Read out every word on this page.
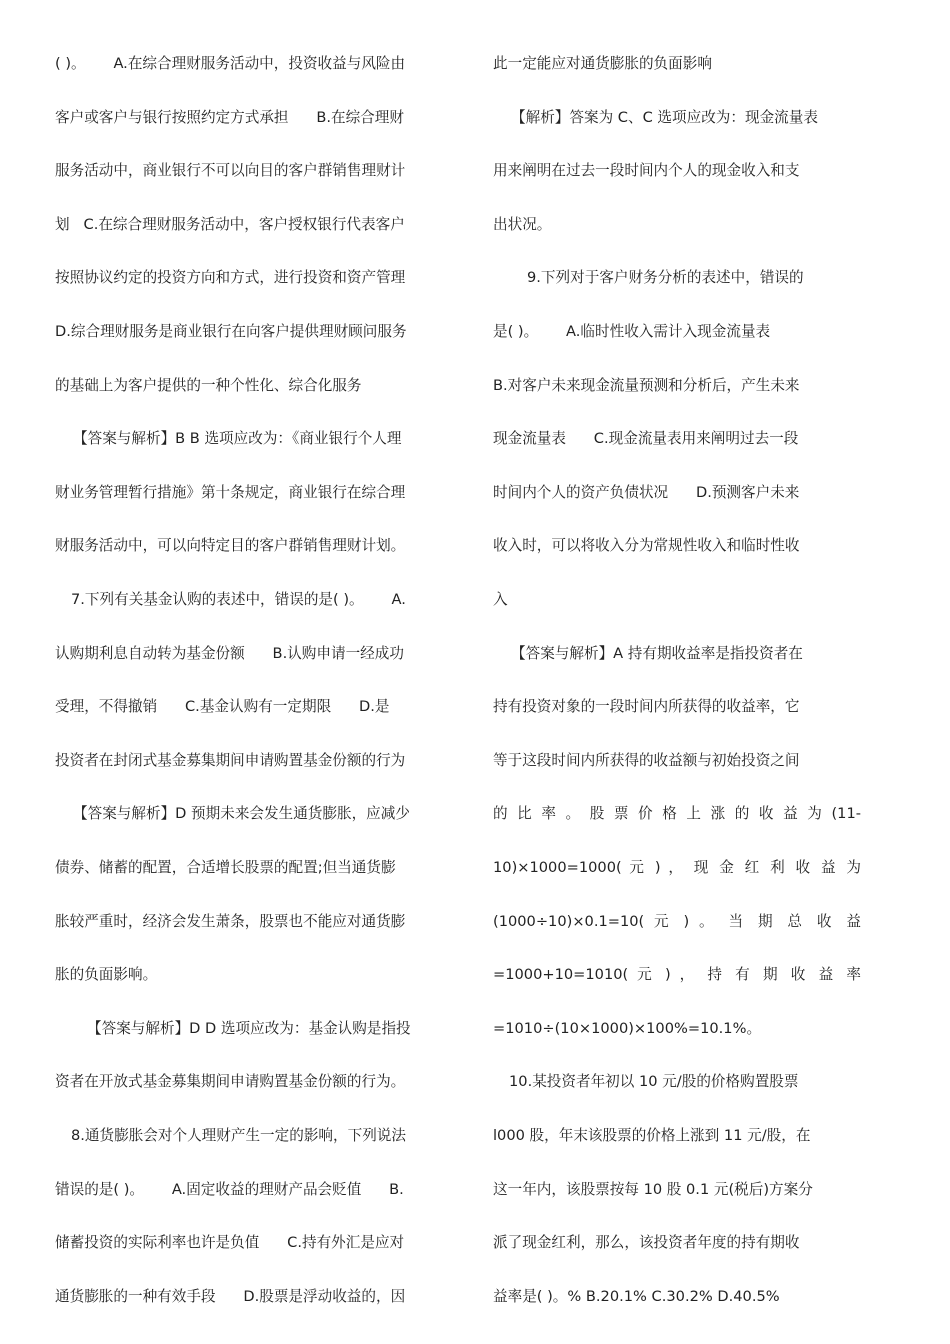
( )。      A.在综合理财服务活动中，投资收益与风险由
客户或客户与银行按照约定方式承担      B.在综合理财
服务活动中，商业银行不可以向目的客户群销售理财计
划   C.在综合理财服务活动中，客户授权银行代表客户
按照协议约定的投资方向和方式，进行投资和资产管理
D.综合理财服务是商业银行在向客户提供理财顾问服务
的基础上为客户提供的一种个性化、综合化服务
【答案与解析】B B 选项应改为：《商业银行个人理
财业务管理暂行措施》第十条规定，商业银行在综合理
财服务活动中，可以向特定目的客户群销售理财计划。
7.下列有关基金认购的表述中，错误的是( )。      A.
认购期利息自动转为基金份额      B.认购申请一经成功
受理，不得撤销      C.基金认购有一定期限      D.是
投资者在封闭式基金募集期间申请购置基金份额的行为
【答案与解析】D 预期未来会发生通货膨胀，应减少
债券、储蓄的配置，合适增长股票的配置;但当通货膨
胀较严重时，经济会发生萧条，股票也不能应对通货膨
胀的负面影响。
【答案与解析】D D 选项应改为：基金认购是指投
资者在开放式基金募集期间申请购置基金份额的行为。
8.通货膨胀会对个人理财产生一定的影响，下列说法
错误的是( )。      A.固定收益的理财产品会贬值      B.
储蓄投资的实际利率也许是负值      C.持有外汇是应对
通货膨胀的一种有效手段      D.股票是浮动收益的，因
此一定能应对通货膨胀的负面影响
【解析】答案为 C、C 选项应改为：现金流量表
用来阐明在过去一段时间内个人的现金收入和支
出状况。
9.下列对于客户财务分析的表述中，错误的
是( )。      A.临时性收入需计入现金流量表
B.对客户未来现金流量预测和分析后，产生未来
现金流量表      C.现金流量表用来阐明过去一段
时间内个人的资产负债状况      D.预测客户未来
收入时，可以将收入分为常规性收入和临时性收
入
【答案与解析】A 持有期收益率是指投资者在
持有投资对象的一段时间内所获得的收益率，它
等于这段时间内所获得的收益额与初始投资之间
的 比 率 。 股 票 价 格 上 涨 的 收 益 为 (11-
10)×1000=1000( 元 ) ， 现 金 红 利 收 益 为
(1000÷10)×0.1=10( 元 ) 。 当 期 总 收 益
=1000+10=1010( 元 ) ， 持 有 期 收 益 率
=1010÷(10×1000)×100%=10.1%。
10.某投资者年初以 10 元/股的价格购置股票
l000 股，年末该股票的价格上涨到 11 元/股，在
这一年内，该股票按每 10 股 0.1 元(税后)方案分
派了现金红利，那么，该投资者年度的持有期收
益率是( )。% B.20.1% C.30.2% D.40.5%
